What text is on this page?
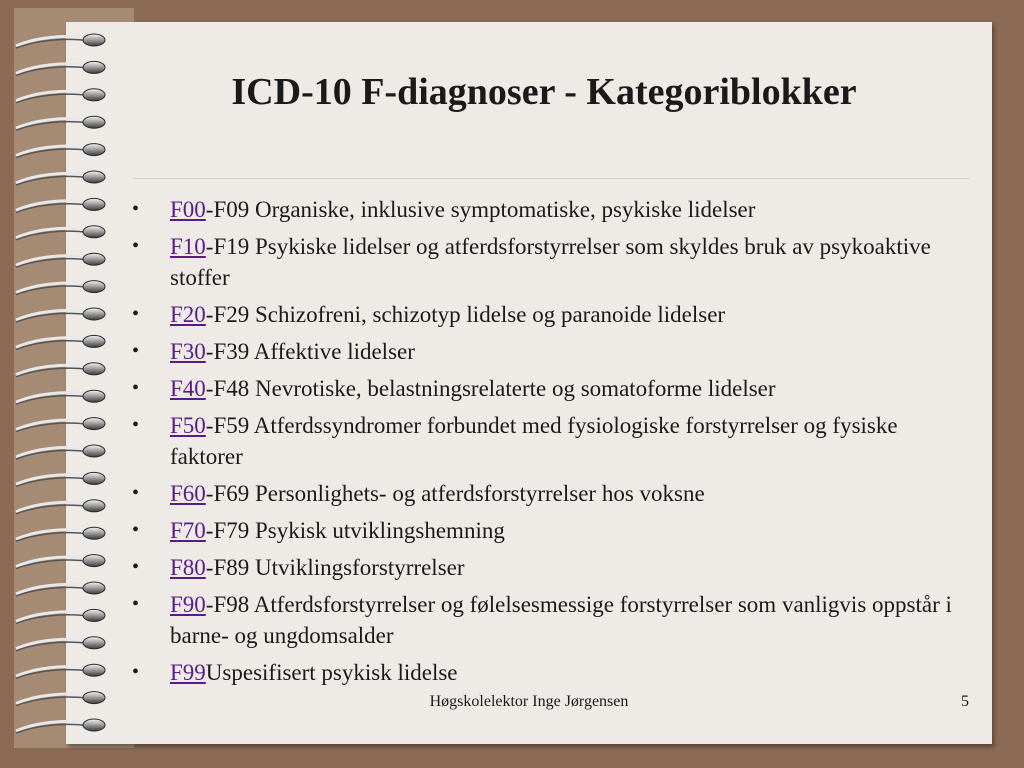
ICD-10 F-diagnoser - Kategoriblokker
• F00-F09 Organiske, inklusive symptomatiske, psykiske lidelser
• F10-F19 Psykiske lidelser og atferdsforstyrrelser som skyldes bruk av psykoaktive stoffer
• F20-F29 Schizofreni, schizotyp lidelse og paranoide lidelser
• F30-F39 Affektive lidelser
• F40-F48 Nevrotiske, belastningsrelaterte og somatoforme lidelser
• F50-F59 Atferdssyndromer forbundet med fysiologiske forstyrrelser og fysiske faktorer
• F60-F69 Personlighets- og atferdsforstyrrelser hos voksne
• F70-F79 Psykisk utviklingshemning
• F80-F89 Utviklingsforstyrrelser
• F90-F98 Atferdsforstyrrelser og følelsesmessige forstyrrelser som vanligvis oppstår i barne- og ungdomsalder
• F99Uspesifisert psykisk lidelse
Høgskolelektor Inge Jørgensen	5
